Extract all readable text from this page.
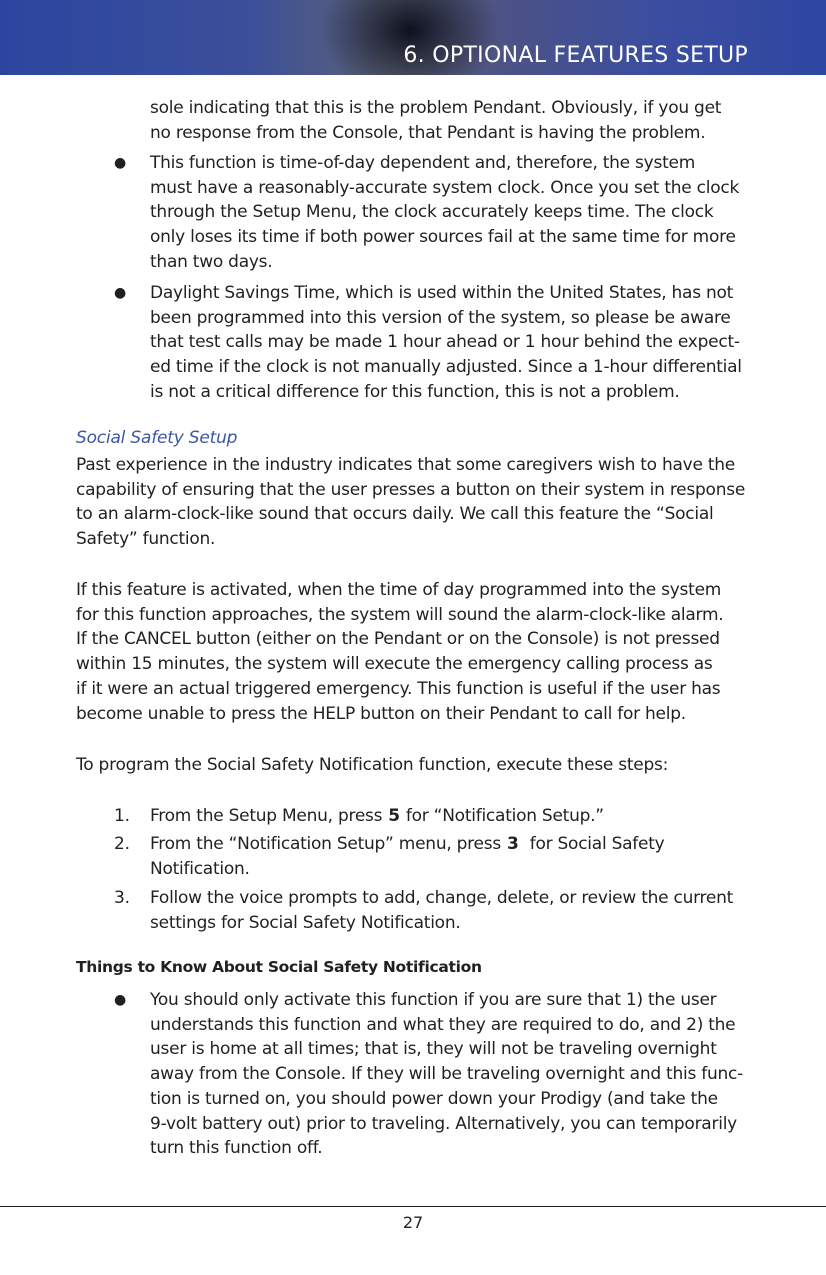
6. OPTIONAL FEATURES SETUP

sole indicating that this is the problem Pendant. Obviously, if you get
no response from the Console, that Pendant is having the problem.

● This function is time-of-day dependent and, therefore, the system
must have a reasonably-accurate system clock. Once you set the clock
through the Setup Menu, the clock accurately keeps time. The clock
only loses its time if both power sources fail at the same time for more
than two days.

● Daylight Savings Time, which is used within the United States, has not
been programmed into this version of the system, so please be aware
that test calls may be made 1 hour ahead or 1 hour behind the expect-
ed time if the clock is not manually adjusted. Since a 1-hour differential
is not a critical difference for this function, this is not a problem.

Social Safety Setup

Past experience in the industry indicates that some caregivers wish to have the
capability of ensuring that the user presses a button on their system in response
to an alarm-clock-like sound that occurs daily. We call this feature the “Social
Safety” function.

If this feature is activated, when the time of day programmed into the system
for this function approaches, the system will sound the alarm-clock-like alarm.
If the CANCEL button (either on the Pendant or on the Console) is not pressed
within 15 minutes, the system will execute the emergency calling process as
if it were an actual triggered emergency. This function is useful if the user has
become unable to press the HELP button on their Pendant to call for help.

To program the Social Safety Notification function, execute these steps:

1. From the Setup Menu, press 5 for “Notification Setup.”

2. From the “Notification Setup” menu, press 3 for Social Safety
Notification.

3. Follow the voice prompts to add, change, delete, or review the current
settings for Social Safety Notification.

Things to Know About Social Safety Notification
● You should only activate this function if you are sure that 1) the user
understands this function and what they are required to do, and 2) the
user is home at all times; that is, they will not be traveling overnight
away from the Console. If they will be traveling overnight and this func-
tion is turned on, you should power down your Prodigy (and take the
9-volt battery out) prior to traveling. Alternatively, you can temporarily
turn this function off.

27
